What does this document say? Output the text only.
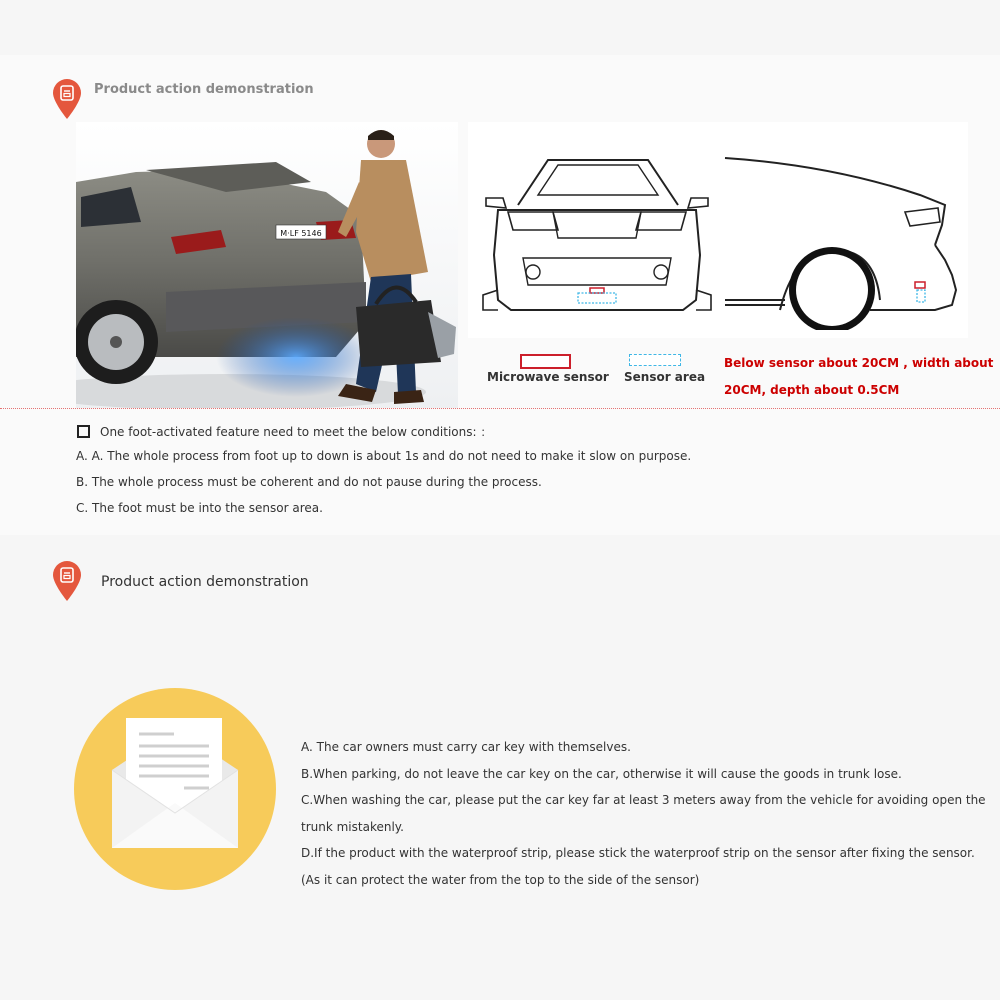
Product action demonstration
M·LF 5146
Microwave sensor Sensor area
Below sensor about 20CM , width about
20CM, depth about 0.5CM
One foot-activated feature need to meet the below conditions: ：
A. A. The whole process from foot up to down is about 1s and do not need to make it slow on purpose.
B. The whole process must be coherent and do not pause during the process.
C. The foot must be into the sensor area.
Product action demonstration
A. The car owners must carry car key with themselves.
B.When parking, do not leave the car key on the car, otherwise it will cause the goods in trunk lose.
C.When washing the car, please put the car key far at least 3 meters away from the vehicle for avoiding open the
trunk mistakenly.
D.If the product with the waterproof strip, please stick the waterproof strip on the sensor after fixing the sensor.
(As it can protect the water from the top to the side of the sensor)
